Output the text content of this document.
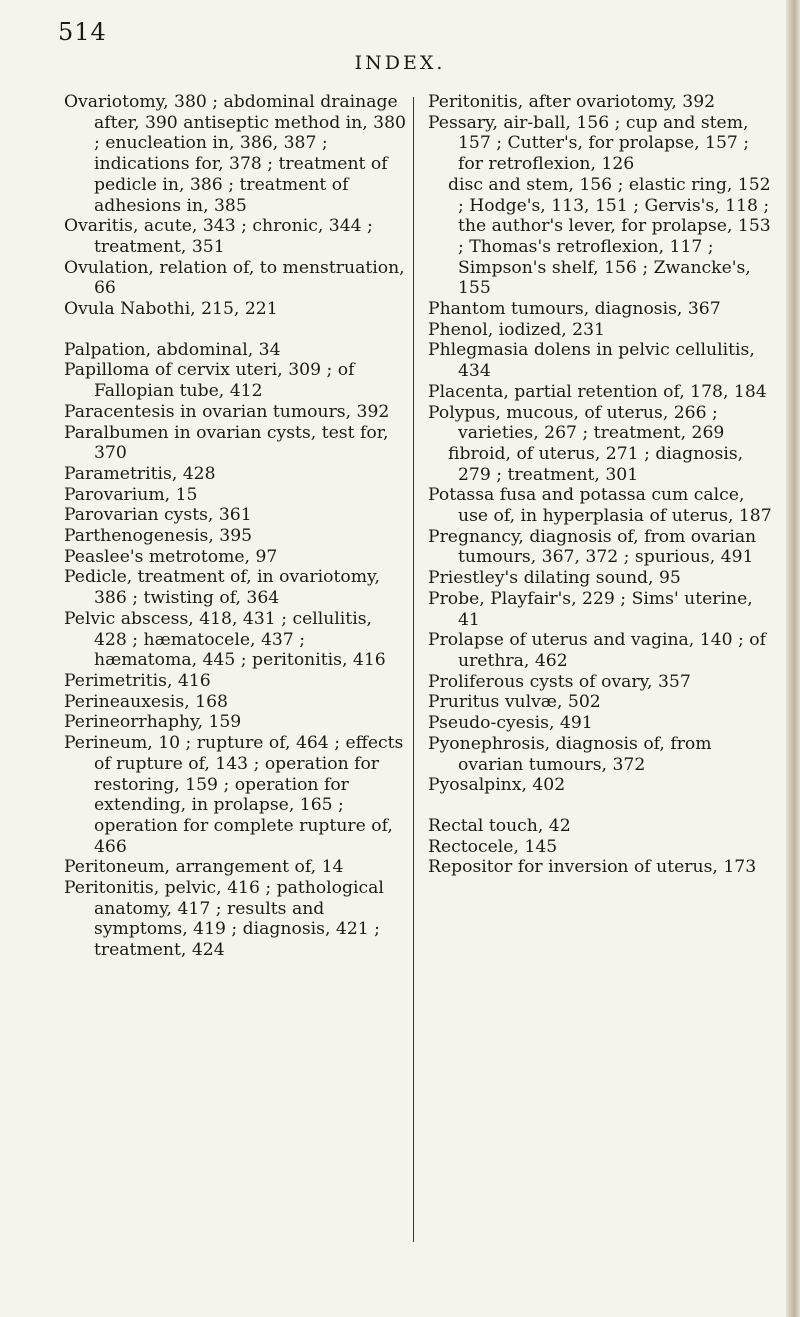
514
INDEX.

Ovariotomy, 380 ; abdominal drainage after, 390 antiseptic method in, 380 ; enucleation in, 386, 387 ; indications for, 378 ; treatment of pedicle in, 386 ; treatment of adhesions in, 385

Ovaritis, acute, 343 ; chronic, 344 ; treatment, 351

Ovulation, relation of, to menstruation, 66

Ovula Nabothi, 215, 221

Palpation, abdominal, 34

Papilloma of cervix uteri, 309 ; of Fallopian tube, 412

Paracentesis in ovarian tumours, 392

Paralbumen in ovarian cysts, test for, 370

Parametritis, 428

Parovarium, 15

Parovarian cysts, 361

Parthenogenesis, 395

Peaslee's metrotome, 97

Pedicle, treatment of, in ovariotomy, 386 ; twisting of, 364

Pelvic abscess, 418, 431 ; cellulitis, 428 ; hæmatocele, 437 ; hæmatoma, 445 ; peritonitis, 416

Perimetritis, 416

Perineauxesis, 168

Perineorrhaphy, 159

Perineum, 10 ; rupture of, 464 ; effects of rupture of, 143 ; operation for restoring, 159 ; operation for extending, in prolapse, 165 ; operation for complete rupture of, 466

Peritoneum, arrangement of, 14

Peritonitis, pelvic, 416 ; pathological anatomy, 417 ; results and symptoms, 419 ; diagnosis, 421 ; treatment, 424

Peritonitis, after ovariotomy, 392

Pessary, air-ball, 156 ; cup and stem, 157 ; Cutter's, for prolapse, 157 ; for retroflexion, 126

disc and stem, 156 ; elastic ring, 152 ; Hodge's, 113, 151 ; Gervis's, 118 ; the author's lever, for prolapse, 153 ; Thomas's retroflexion, 117 ; Simpson's shelf, 156 ; Zwancke's, 155

Phantom tumours, diagnosis, 367

Phenol, iodized, 231

Phlegmasia dolens in pelvic cellulitis, 434

Placenta, partial retention of, 178, 184

Polypus, mucous, of uterus, 266 ; varieties, 267 ; treatment, 269

fibroid, of uterus, 271 ; diagnosis, 279 ; treatment, 301

Potassa fusa and potassa cum calce, use of, in hyperplasia of uterus, 187

Pregnancy, diagnosis of, from ovarian tumours, 367, 372 ; spurious, 491

Priestley's dilating sound, 95

Probe, Playfair's, 229 ; Sims' uterine, 41

Prolapse of uterus and vagina, 140 ; of urethra, 462

Proliferous cysts of ovary, 357

Pruritus vulvæ, 502

Pseudo-cyesis, 491

Pyonephrosis, diagnosis of, from ovarian tumours, 372

Pyosalpinx, 402

Rectal touch, 42

Rectocele, 145

Repositor for inversion of uterus, 173
